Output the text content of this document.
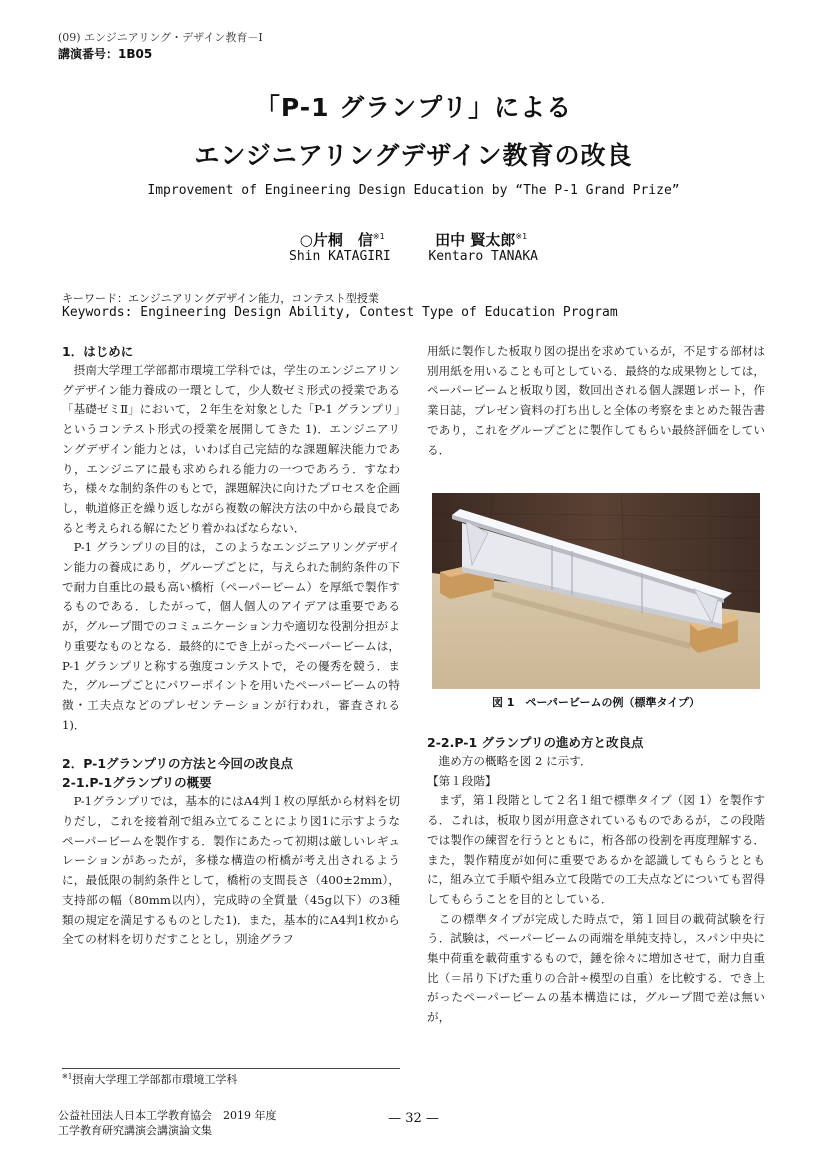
(09) エンジニアリング・デザイン教育－Ⅰ
講演番号：1B05
「P-1 グランプリ」による
エンジニアリングデザイン教育の改良
Improvement of Engineering Design Education by “The P-1 Grand Prize”
○片桐　信$^{※1}$	田中 賢太郎$^{※1}$
Shin KATAGIRI	Kentaro TANAKA
キーワード：エンジニアリングデザイン能力，コンテスト型授業
Keywords: Engineering Design Ability, Contest Type of Education Program
1．はじめに

摂南大学理工学部都市環境工学科では，学生のエンジニアリングデザイン能力養成の一環として，少人数ゼミ形式の授業である「基礎ゼミⅡ」において，２年生を対象とした「P-1 グランプリ」というコンテスト形式の授業を展開してきた 1)．エンジニアリングデザイン能力とは，いわば自己完結的な課題解決能力であり，エンジニアに最も求められる能力の一つであろう．すなわち，様々な制約条件のもとで，課題解決に向けたプロセスを企画し，軌道修正を繰り返しながら複数の解決方法の中から最良であると考えられる解にたどり着かねばならない．

P-1 グランプリの目的は，このようなエンジニアリングデザイン能力の養成にあり，グループごとに，与えられた制約条件の下で耐力自重比の最も高い橋桁（ペーパービーム）を厚紙で製作するものである．したがって，個人個人のアイデアは重要であるが，グループ間でのコミュニケーション力や適切な役割分担がより重要なものとなる．最終的にでき上がったペーパービームは，P-1 グランプリと称する強度コンテストで，その優秀を競う．また，グループごとにパワーポイントを用いたペーパービームの特徴・工夫点などのプレゼンテーションが行われ，審査される 1)．

2．P-1グランプリの方法と今回の改良点
2-1.P-1グランプリの概要

P-1グランプリでは，基本的にはA4判１枚の厚紙から材料を切りだし，これを接着剤で組み立てることにより図1に示すようなペーパービームを製作する．製作にあたって初期は厳しいレギュレーションがあったが，多様な構造の桁橋が考え出されるように，最低限の制約条件として，橋桁の支間長さ（400±2mm），支持部の幅（80mm以内），完成時の全質量（45g以下）の3種類の規定を満足するものとした1)．また，基本的にA4判1枚から全ての材料を切りだすこととし，別途グラフ

用紙に製作した板取り図の提出を求めているが，不足する部材は別用紙を用いることも可としている．最終的な成果物としては，ペーパービームと板取り図，数回出される個人課題レポート，作業日誌，プレゼン資料の打ち出しと全体の考察をまとめた報告書であり，これをグループごとに製作してもらい最終評価をしている．

図 1　ペーパービームの例（標準タイプ）
2-2.P-1 グランプリの進め方と改良点

進め方の概略を図 2 に示す．

【第１段階】

まず，第１段階として２名１組で標準タイプ（図 1）を製作する．これは，板取り図が用意されているものであるが，この段階では製作の練習を行うとともに，桁各部の役割を再度理解する．また，製作精度が如何に重要であるかを認識してもらうとともに，組み立て手順や組み立て段階での工夫点などについても習得してもらうことを目的としている．

この標準タイプが完成した時点で，第１回目の載荷試験を行う．試験は，ペーパービームの両端を単純支持し，スパン中央に集中荷重を載荷重するもので，錘を徐々に増加させて，耐力自重比（＝吊り下げた重りの合計÷模型の自重）を比較する．でき上がったペーパービームの基本構造には，グループ間で差は無いが，

$^{※1}$摂南大学理工学部都市環境工学科
公益社団法人日本工学教育協会　2019 年度
工学教育研究講演会講演論文集
— 32 —
